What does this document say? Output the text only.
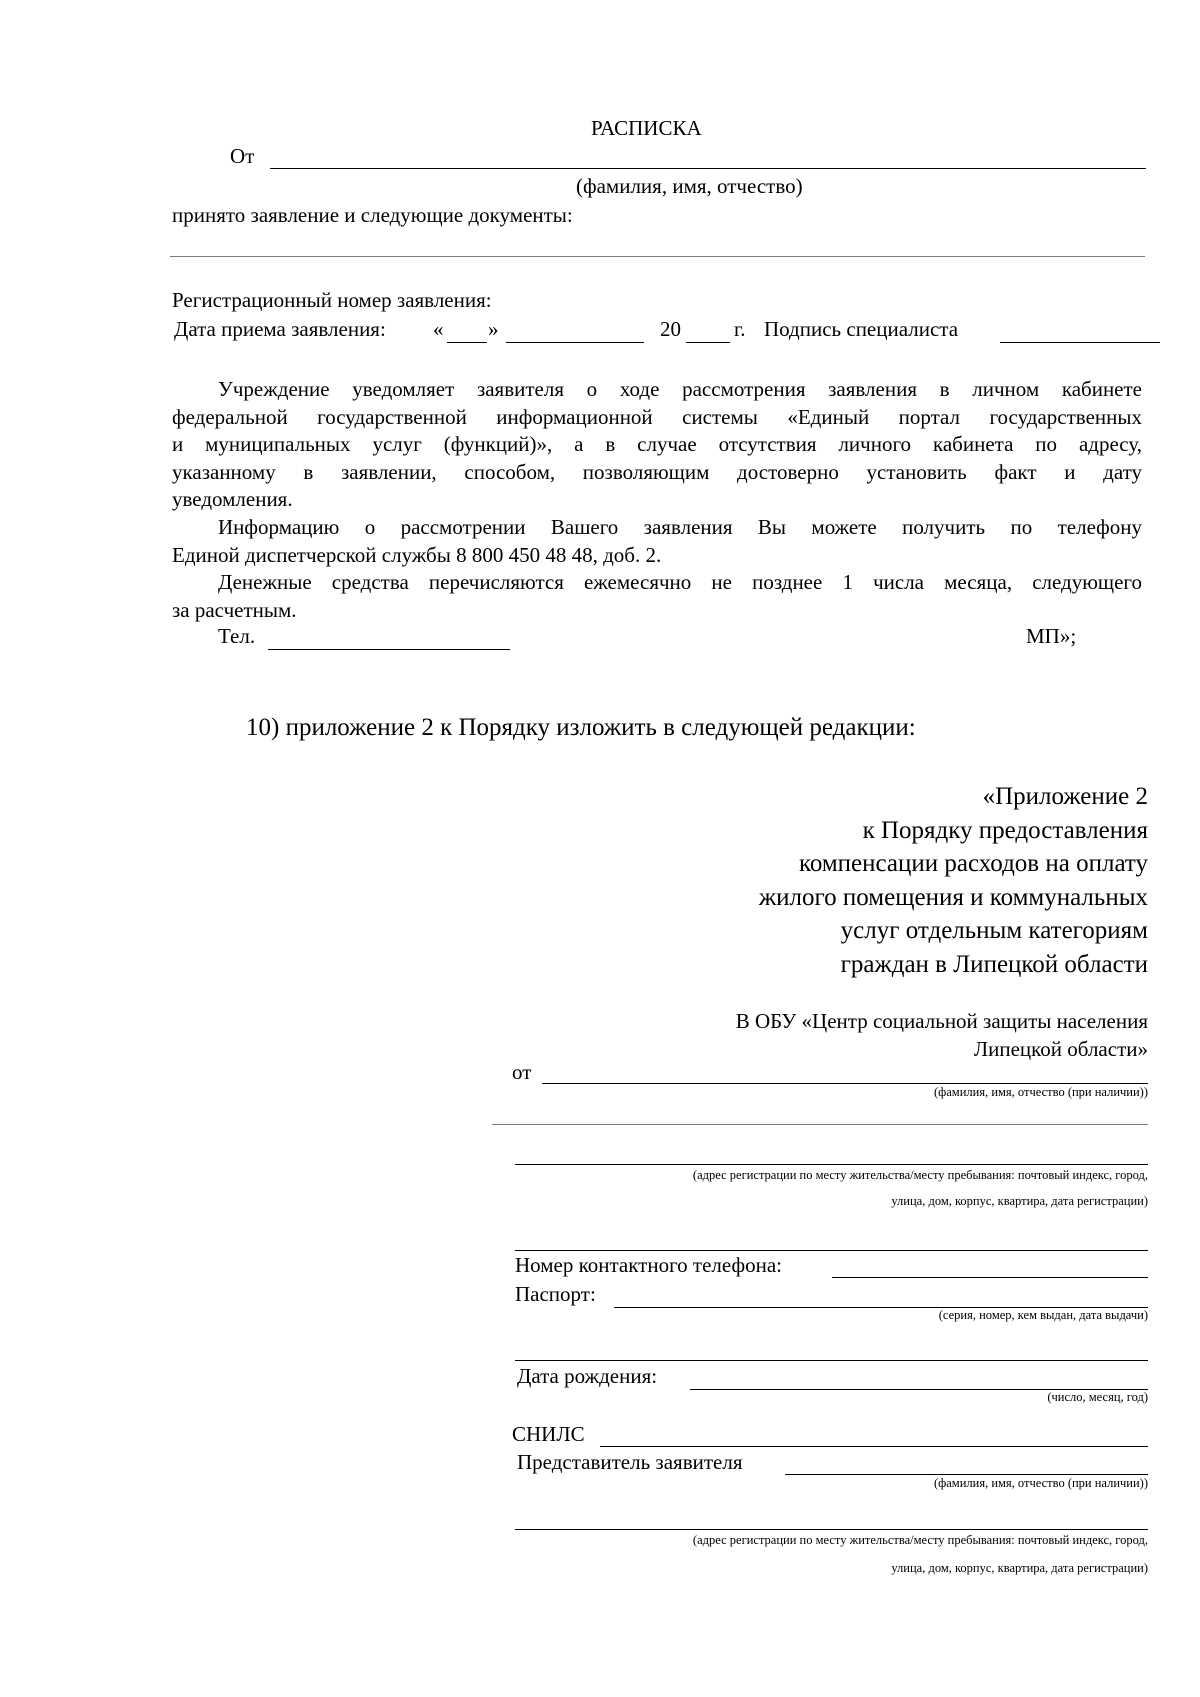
РАСПИСКА
От
(фамилия, имя, отчество)
принято заявление и следующие документы:
Регистрационный номер заявления:
Дата приема заявления: « »	20	г. Подпись специалиста
Учреждение уведомляет заявителя о ходе рассмотрения заявления в личном кабинете
федеральной государственной информационной системы «Единый портал государственных
и муниципальных услуг (функций)», а в случае отсутствия личного кабинета по адресу,
указанному в заявлении, способом, позволяющим достоверно установить факт и дату
уведомления.
Информацию о рассмотрении Вашего заявления Вы можете получить по телефону
Единой диспетчерской службы 8 800 450 48 48, доб. 2.
Денежные средства перечисляются ежемесячно не позднее 1 числа месяца, следующего
за расчетным.
Тел.	МП»;
10) приложение 2 к Порядку изложить в следующей редакции:
«Приложение 2
к Порядку предоставления
компенсации расходов на оплату
жилого помещения и коммунальных
услуг отдельным категориям
граждан в Липецкой области
В ОБУ «Центр социальной защиты населения
Липецкой области»
от
(фамилия, имя, отчество (при наличии))
(адрес регистрации по месту жительства/месту пребывания: почтовый индекс, город,
улица, дом, корпус, квартира, дата регистрации)
Номер контактного телефона:
Паспорт:
(серия, номер, кем выдан, дата выдачи)
Дата рождения:
(число, месяц, год)
СНИЛС
Представитель заявителя
(фамилия, имя, отчество (при наличии))
(адрес регистрации по месту жительства/месту пребывания: почтовый индекс, город,
улица, дом, корпус, квартира, дата регистрации)
